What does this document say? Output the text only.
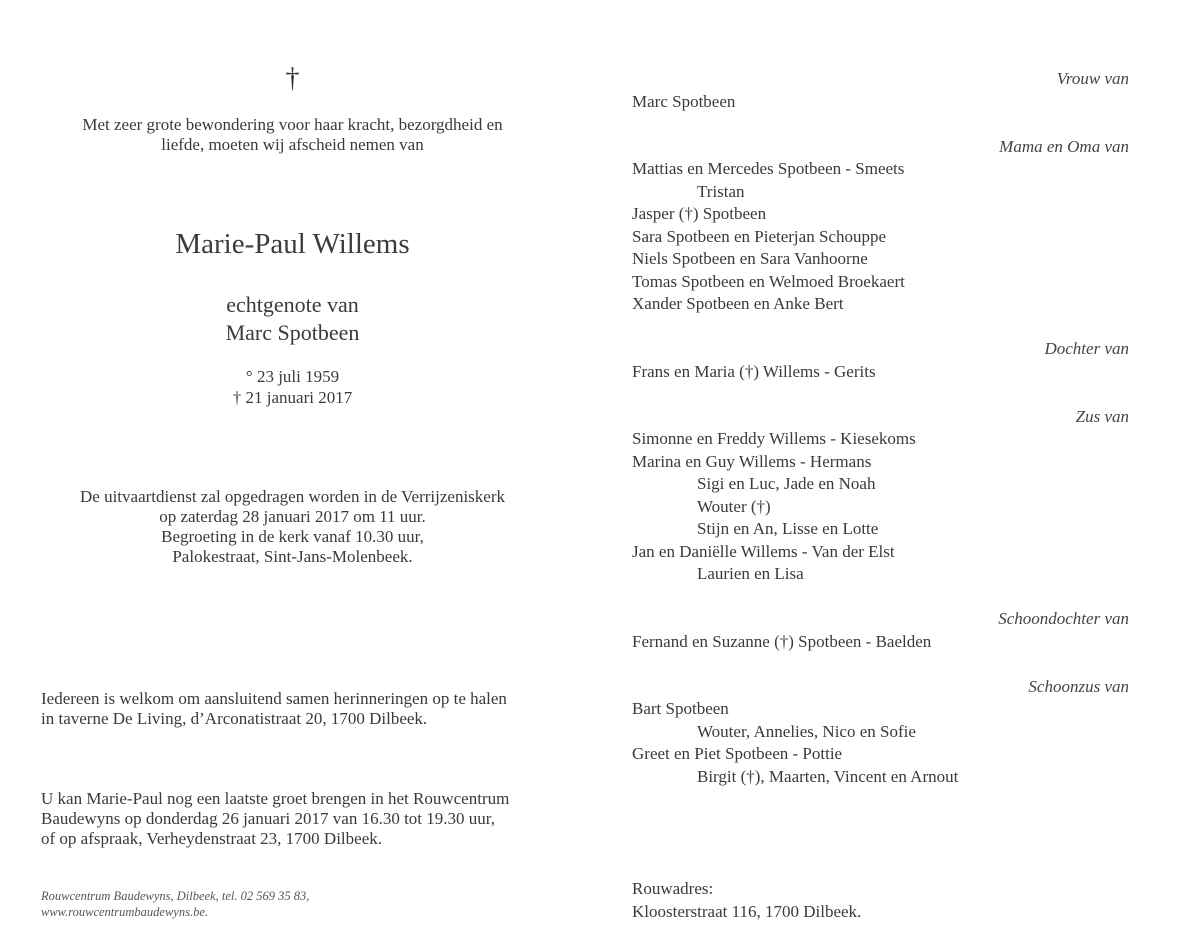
†
Met zeer grote bewondering voor haar kracht, bezorgdheid en
liefde, moeten wij afscheid nemen van
Marie-Paul Willems
echtgenote van
Marc Spotbeen
° 23 juli 1959
† 21 januari 2017
De uitvaartdienst zal opgedragen worden in de Verrijzeniskerk
op zaterdag 28 januari 2017 om 11 uur.
Begroeting in de kerk vanaf 10.30 uur,
Palokestraat, Sint-Jans-Molenbeek.
Iedereen is welkom om aansluitend samen herinneringen op te halen
in taverne De Living, d’Arconatistraat 20, 1700 Dilbeek.
U kan Marie-Paul nog een laatste groet brengen in het Rouwcentrum
Baudewyns op donderdag 26 januari 2017 van 16.30 tot 19.30 uur,
of op afspraak, Verheydenstraat 23, 1700 Dilbeek.
Rouwcentrum Baudewyns, Dilbeek, tel. 02 569 35 83,
www.rouwcentrumbaudewyns.be.
Vrouw van
Marc Spotbeen
Mama en Oma van
Mattias en Mercedes Spotbeen - Smeets
Tristan
Jasper (†) Spotbeen
Sara Spotbeen en Pieterjan Schouppe
Niels Spotbeen en Sara Vanhoorne
Tomas Spotbeen en Welmoed Broekaert
Xander Spotbeen en Anke Bert
Dochter van
Frans en Maria (†) Willems - Gerits
Zus van
Simonne en Freddy Willems - Kiesekoms
Marina en Guy Willems - Hermans
Sigi en Luc, Jade en Noah
Wouter (†)
Stijn en An, Lisse en Lotte
Jan en Daniëlle Willems - Van der Elst
Laurien en Lisa
Schoondochter van
Fernand en Suzanne (†) Spotbeen - Baelden
Schoonzus van
Bart Spotbeen
Wouter, Annelies, Nico en Sofie
Greet en Piet Spotbeen - Pottie
Birgit (†), Maarten, Vincent en Arnout
Rouwadres:
Kloosterstraat 116, 1700 Dilbeek.
